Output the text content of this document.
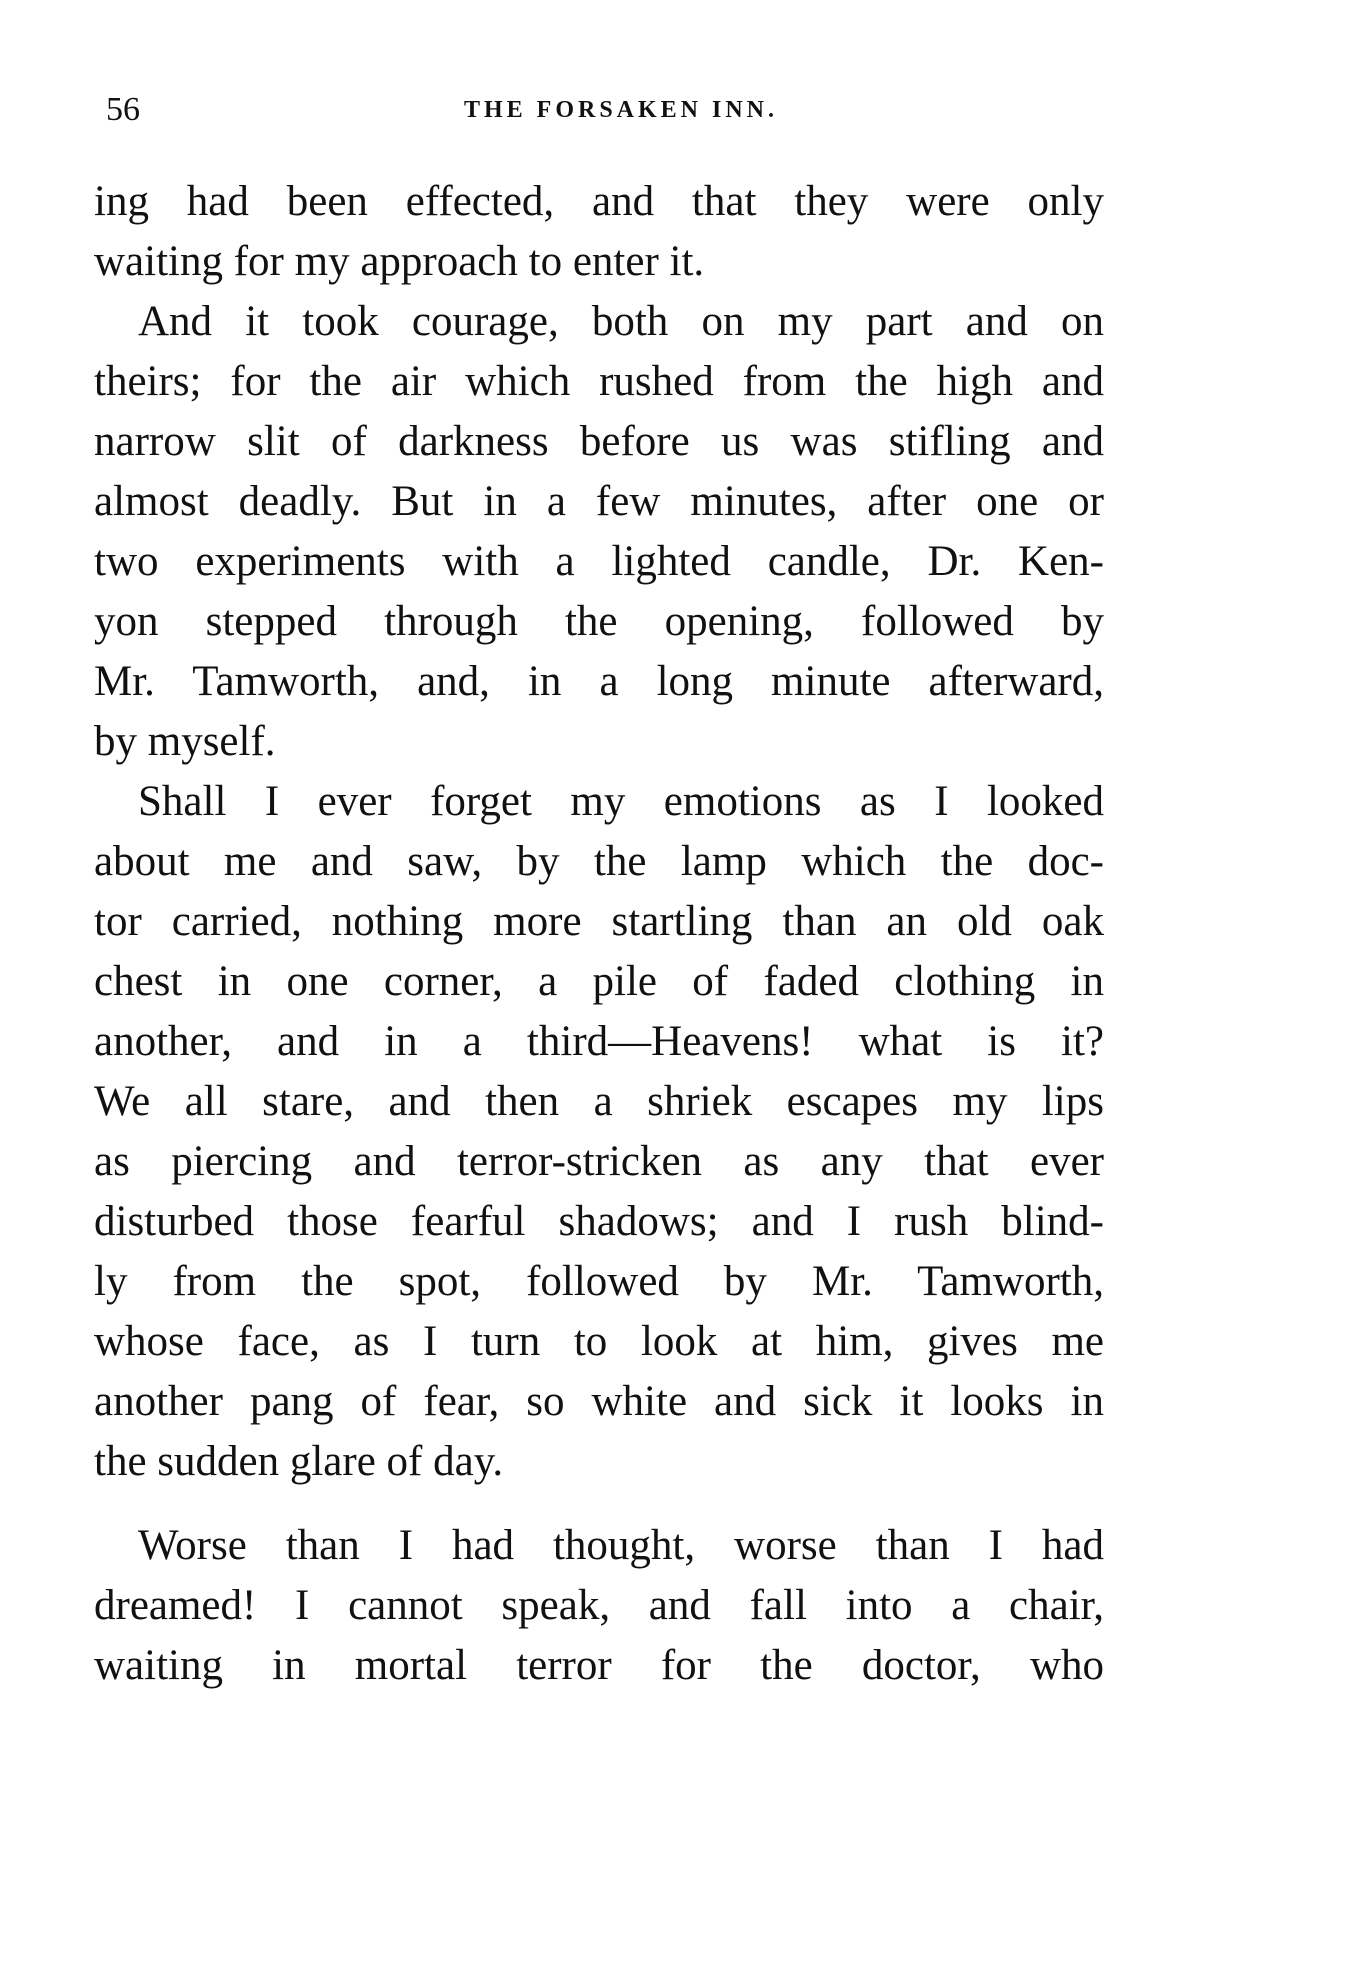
56	THE FORSAKEN INN.
ing had been effected, and that they were only
waiting for my approach to enter it.
And it took courage, both on my part and on
theirs; for the air which rushed from the high and
narrow slit of darkness before us was stifling and
almost deadly. But in a few minutes, after one or
two experiments with a lighted candle, Dr. Ken-
yon stepped through the opening, followed by
Mr. Tamworth, and, in a long minute afterward,
by myself.
Shall I ever forget my emotions as I looked
about me and saw, by the lamp which the doc-
tor carried, nothing more startling than an old oak
chest in one corner, a pile of faded clothing in
another, and in a third—Heavens! what is it?
We all stare, and then a shriek escapes my lips
as piercing and terror-stricken as any that ever
disturbed those fearful shadows; and I rush blind-
ly from the spot, followed by Mr. Tamworth,
whose face, as I turn to look at him, gives me
another pang of fear, so white and sick it looks in
the sudden glare of day.
Worse than I had thought, worse than I had
dreamed! I cannot speak, and fall into a chair,
waiting in mortal terror for the doctor, who
